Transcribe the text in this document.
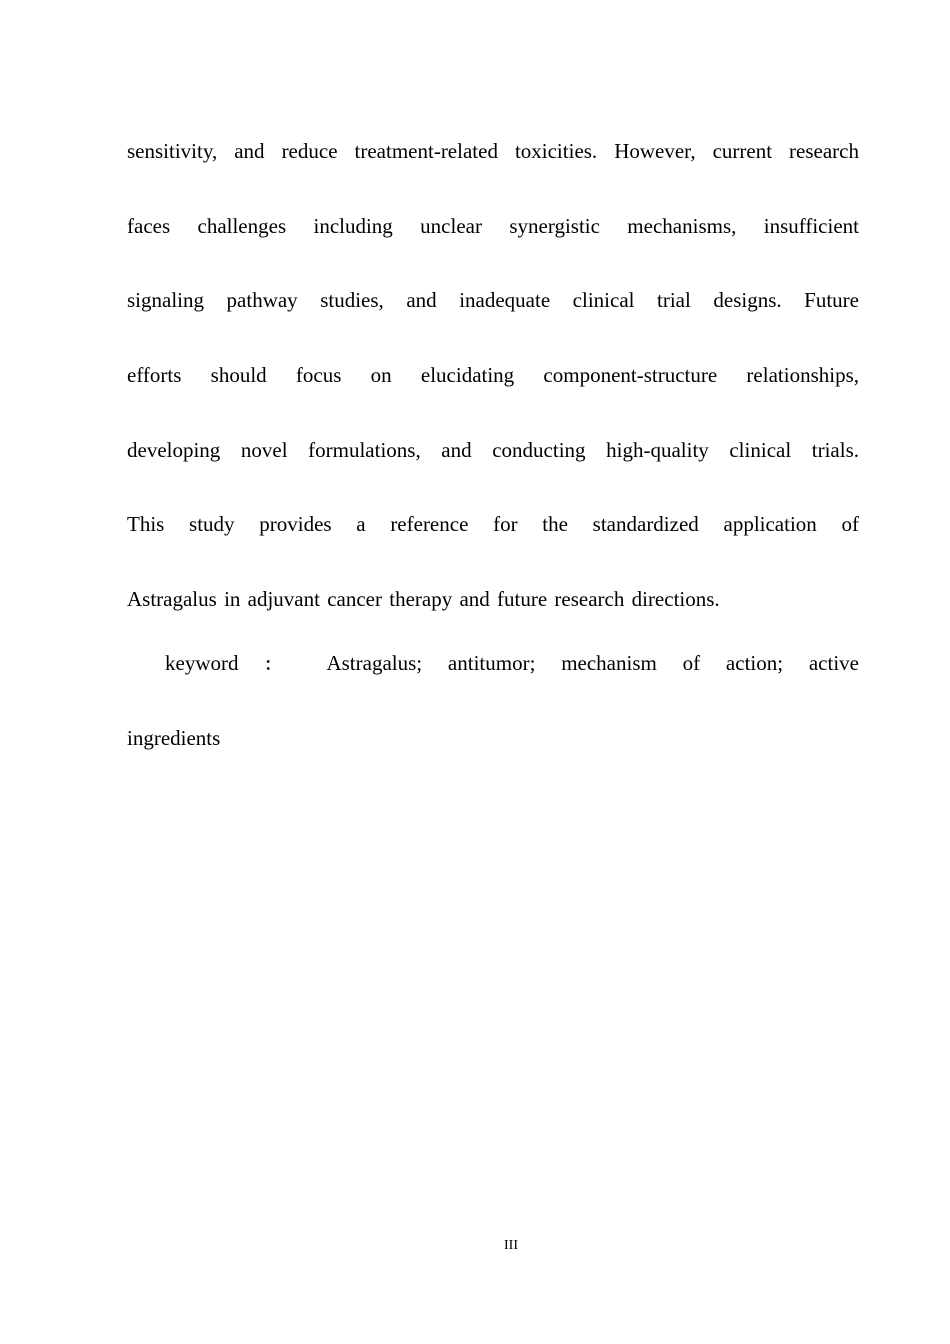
sensitivity, and reduce treatment-related toxicities. However, current research
faces challenges including unclear synergistic mechanisms, insufficient
signaling pathway studies, and inadequate clinical trial designs. Future
efforts should focus on elucidating component-structure relationships,
developing novel formulations, and conducting high-quality clinical trials.
This study provides a reference for the standardized application of
Astragalus in adjuvant cancer therapy and future research directions.
keyword ： Astragalus; antitumor; mechanism of action; active
ingredients
III
